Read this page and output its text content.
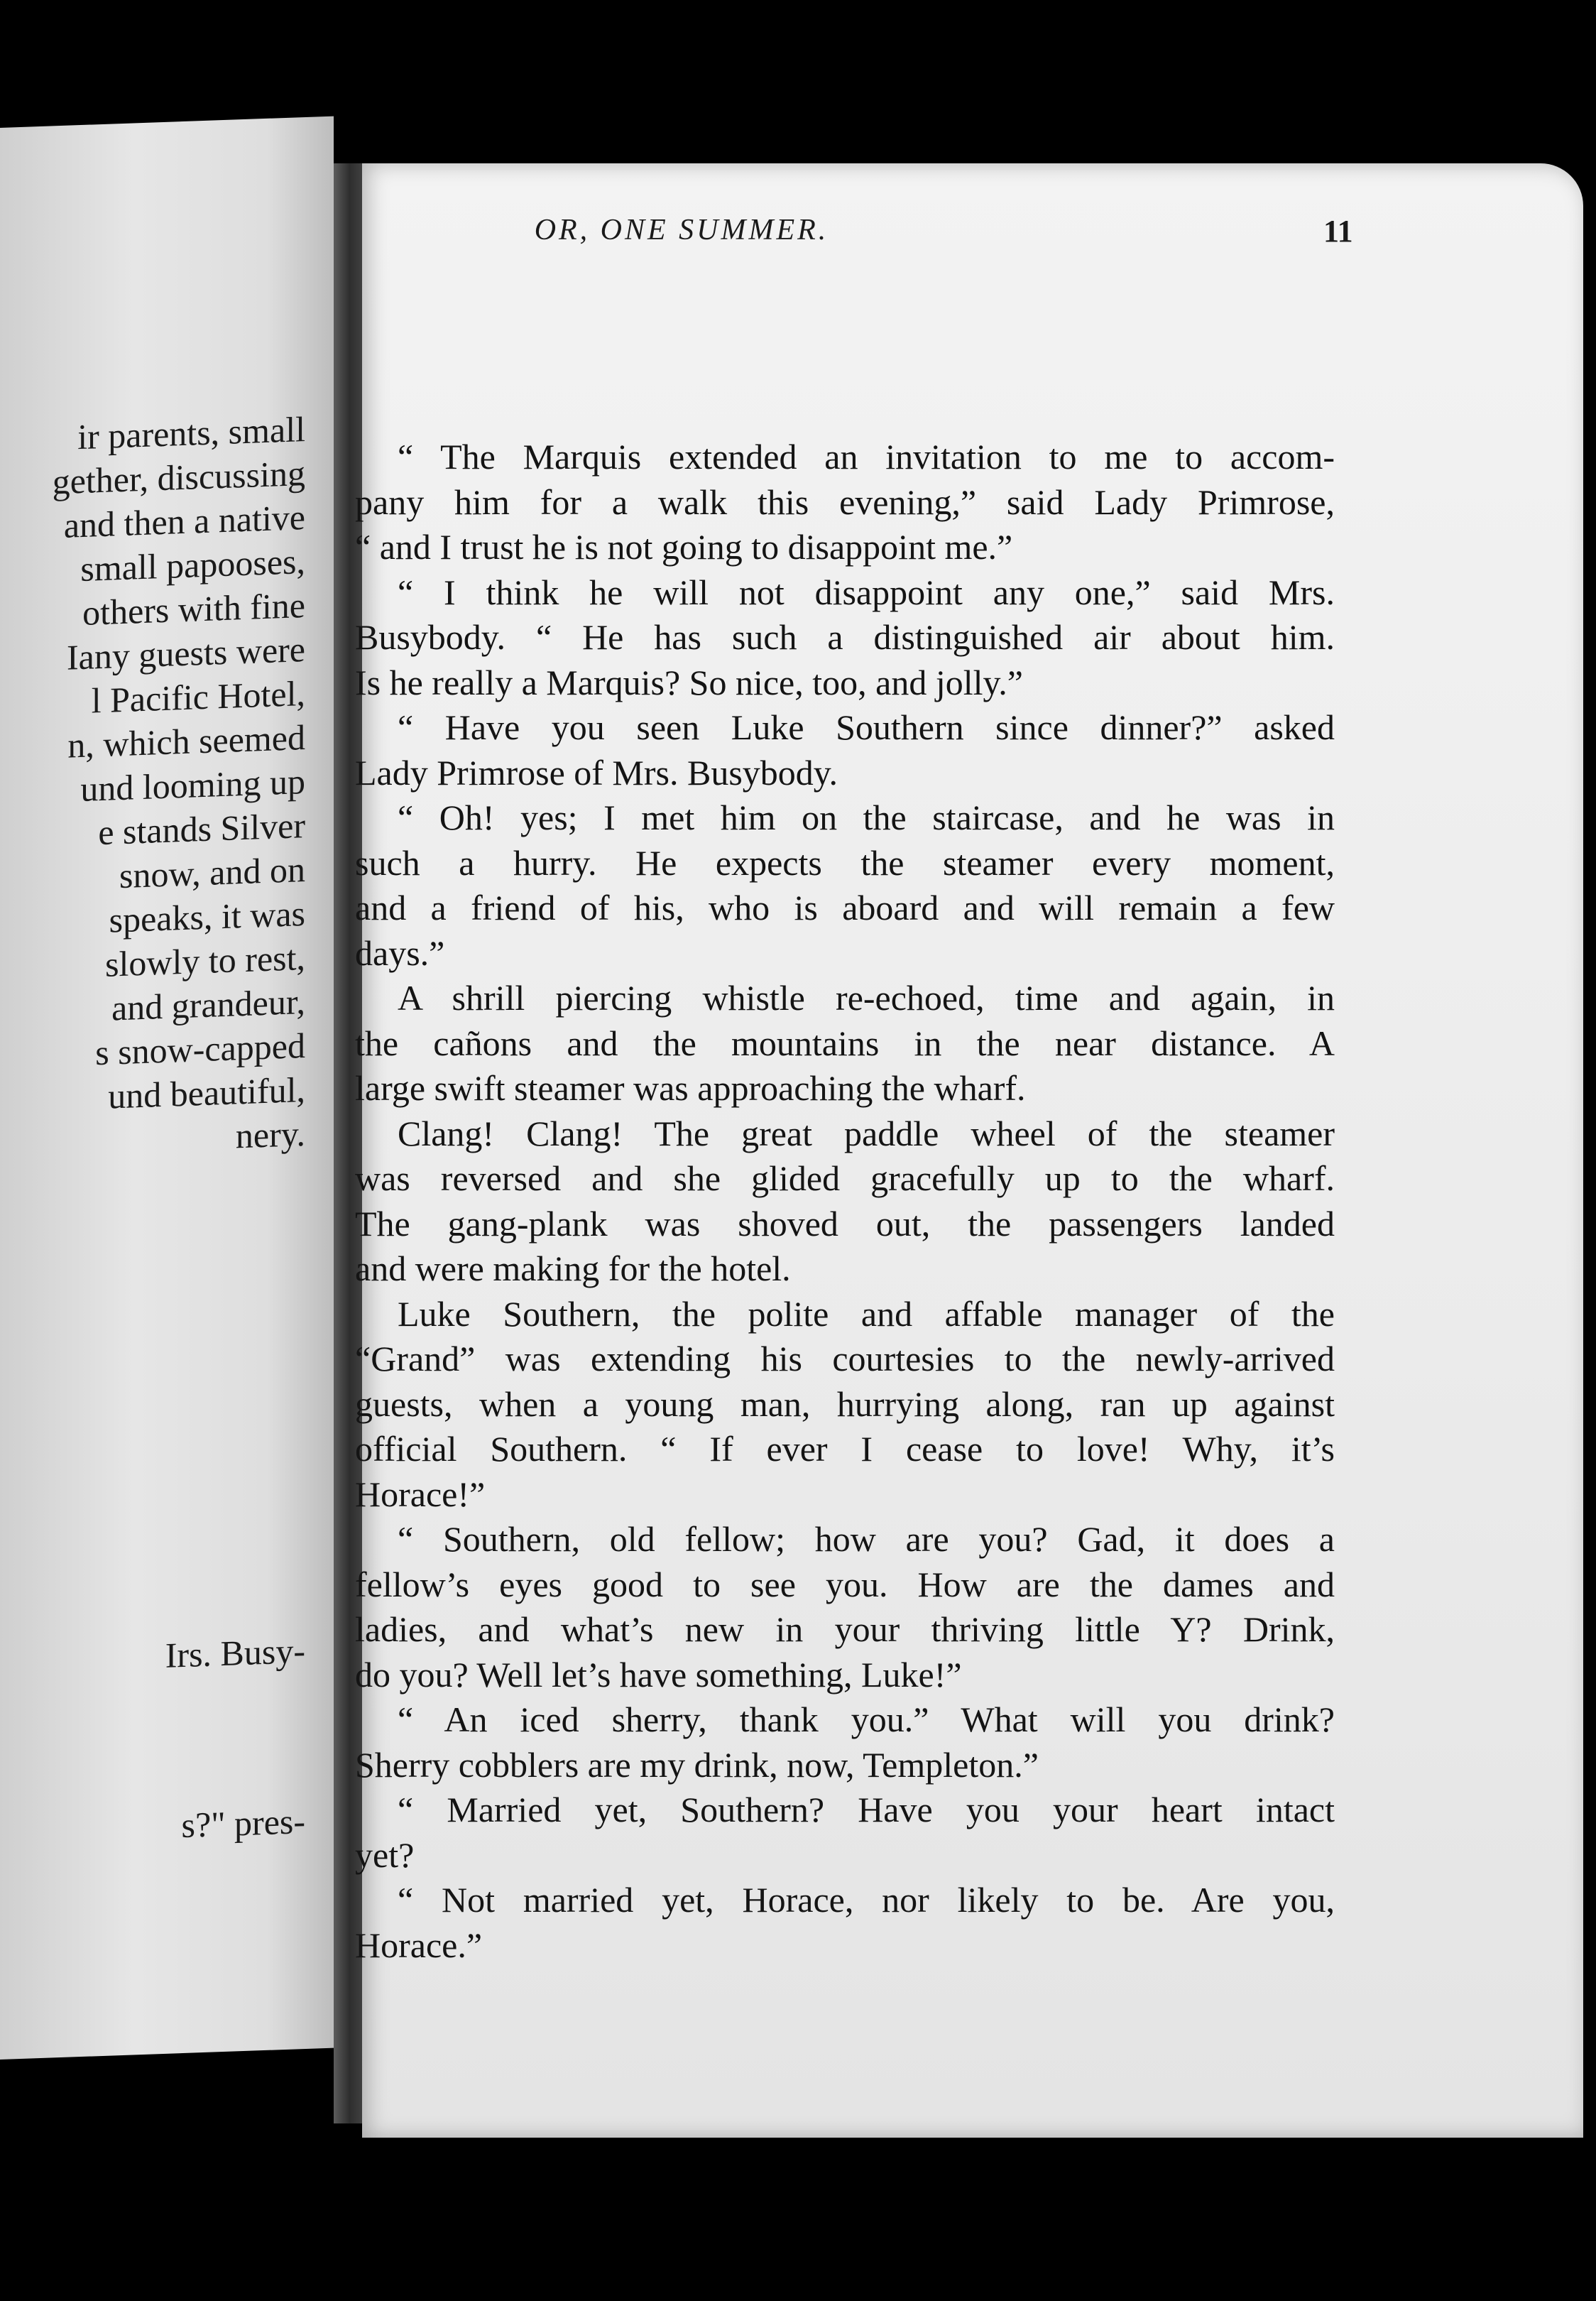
ir parents, small
gether, discussing
and then a native
small papooses,
others with fine
Iany guests were
l Pacific Hotel,
n, which seemed
und looming up
e stands Silver
snow, and on
speaks, it was
slowly to rest,
and grandeur,
s snow-capped
und beautiful,
nery.
Irs. Busy-
s?" pres-
OR, ONE SUMMER.	11
“ The Marquis extended an invitation to me to accom-
pany him for a walk this evening,” said Lady Primrose,
“ and I trust he is not going to disappoint me.”
“ I think he will not disappoint any one,” said Mrs.
Busybody. “ He has such a distinguished air about him.
Is he really a Marquis? So nice, too, and jolly.”
“ Have you seen Luke Southern since dinner?” asked
Lady Primrose of Mrs. Busybody.
“ Oh! yes; I met him on the staircase, and he was in
such a hurry. He expects the steamer every moment,
and a friend of his, who is aboard and will remain a few
days.”
A shrill piercing whistle re-echoed, time and again, in
the cañons and the mountains in the near distance. A
large swift steamer was approaching the wharf.
Clang! Clang! The great paddle wheel of the steamer
was reversed and she glided gracefully up to the wharf.
The gang-plank was shoved out, the passengers landed
and were making for the hotel.
Luke Southern, the polite and affable manager of the
“Grand” was extending his courtesies to the newly-arrived
guests, when a young man, hurrying along, ran up against
official Southern. “ If ever I cease to love! Why, it’s
Horace!”
“ Southern, old fellow; how are you? Gad, it does a
fellow’s eyes good to see you. How are the dames and
ladies, and what’s new in your thriving little Y? Drink,
do you? Well let’s have something, Luke!”
“ An iced sherry, thank you.” What will you drink?
Sherry cobblers are my drink, now, Templeton.”
“ Married yet, Southern? Have you your heart intact
yet?
“ Not married yet, Horace, nor likely to be. Are you,
Horace.”
